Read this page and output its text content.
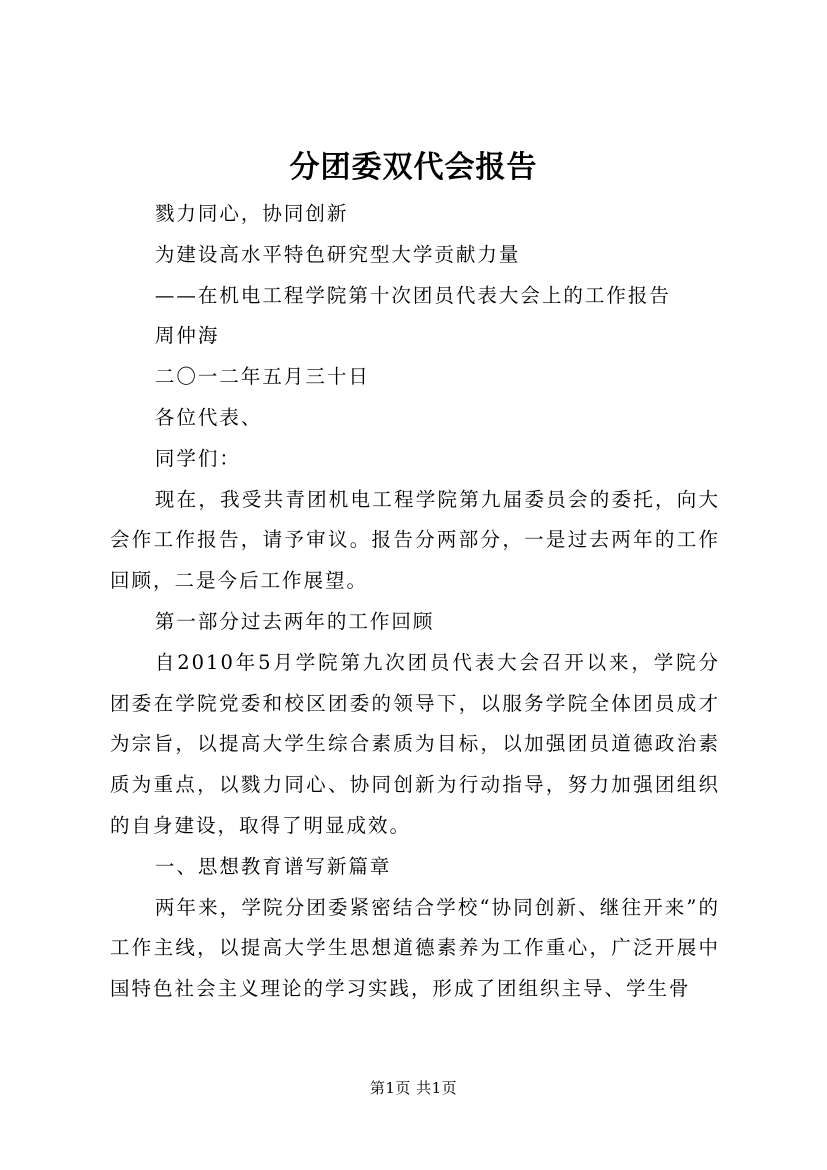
分团委双代会报告

戮力同心，协同创新

为建设高水平特色研究型大学贡献力量

——在机电工程学院第十次团员代表大会上的工作报告

周仲海

二〇一二年五月三十日

各位代表、

同学们：

现在，我受共青团机电工程学院第九届委员会的委托，向大会作工作报告，请予审议。报告分两部分，一是过去两年的工作回顾，二是今后工作展望。

第一部分过去两年的工作回顾

自2010年5月学院第九次团员代表大会召开以来，学院分团委在学院党委和校区团委的领导下，以服务学院全体团员成才为宗旨，以提高大学生综合素质为目标，以加强团员道德政治素质为重点，以戮力同心、协同创新为行动指导，努力加强团组织的自身建设，取得了明显成效。

一、思想教育谱写新篇章

两年来，学院分团委紧密结合学校“协同创新、继往开来”的工作主线，以提高大学生思想道德素养为工作重心，广泛开展中国特色社会主义理论的学习实践，形成了团组织主导、学生骨

第1页 共1页
